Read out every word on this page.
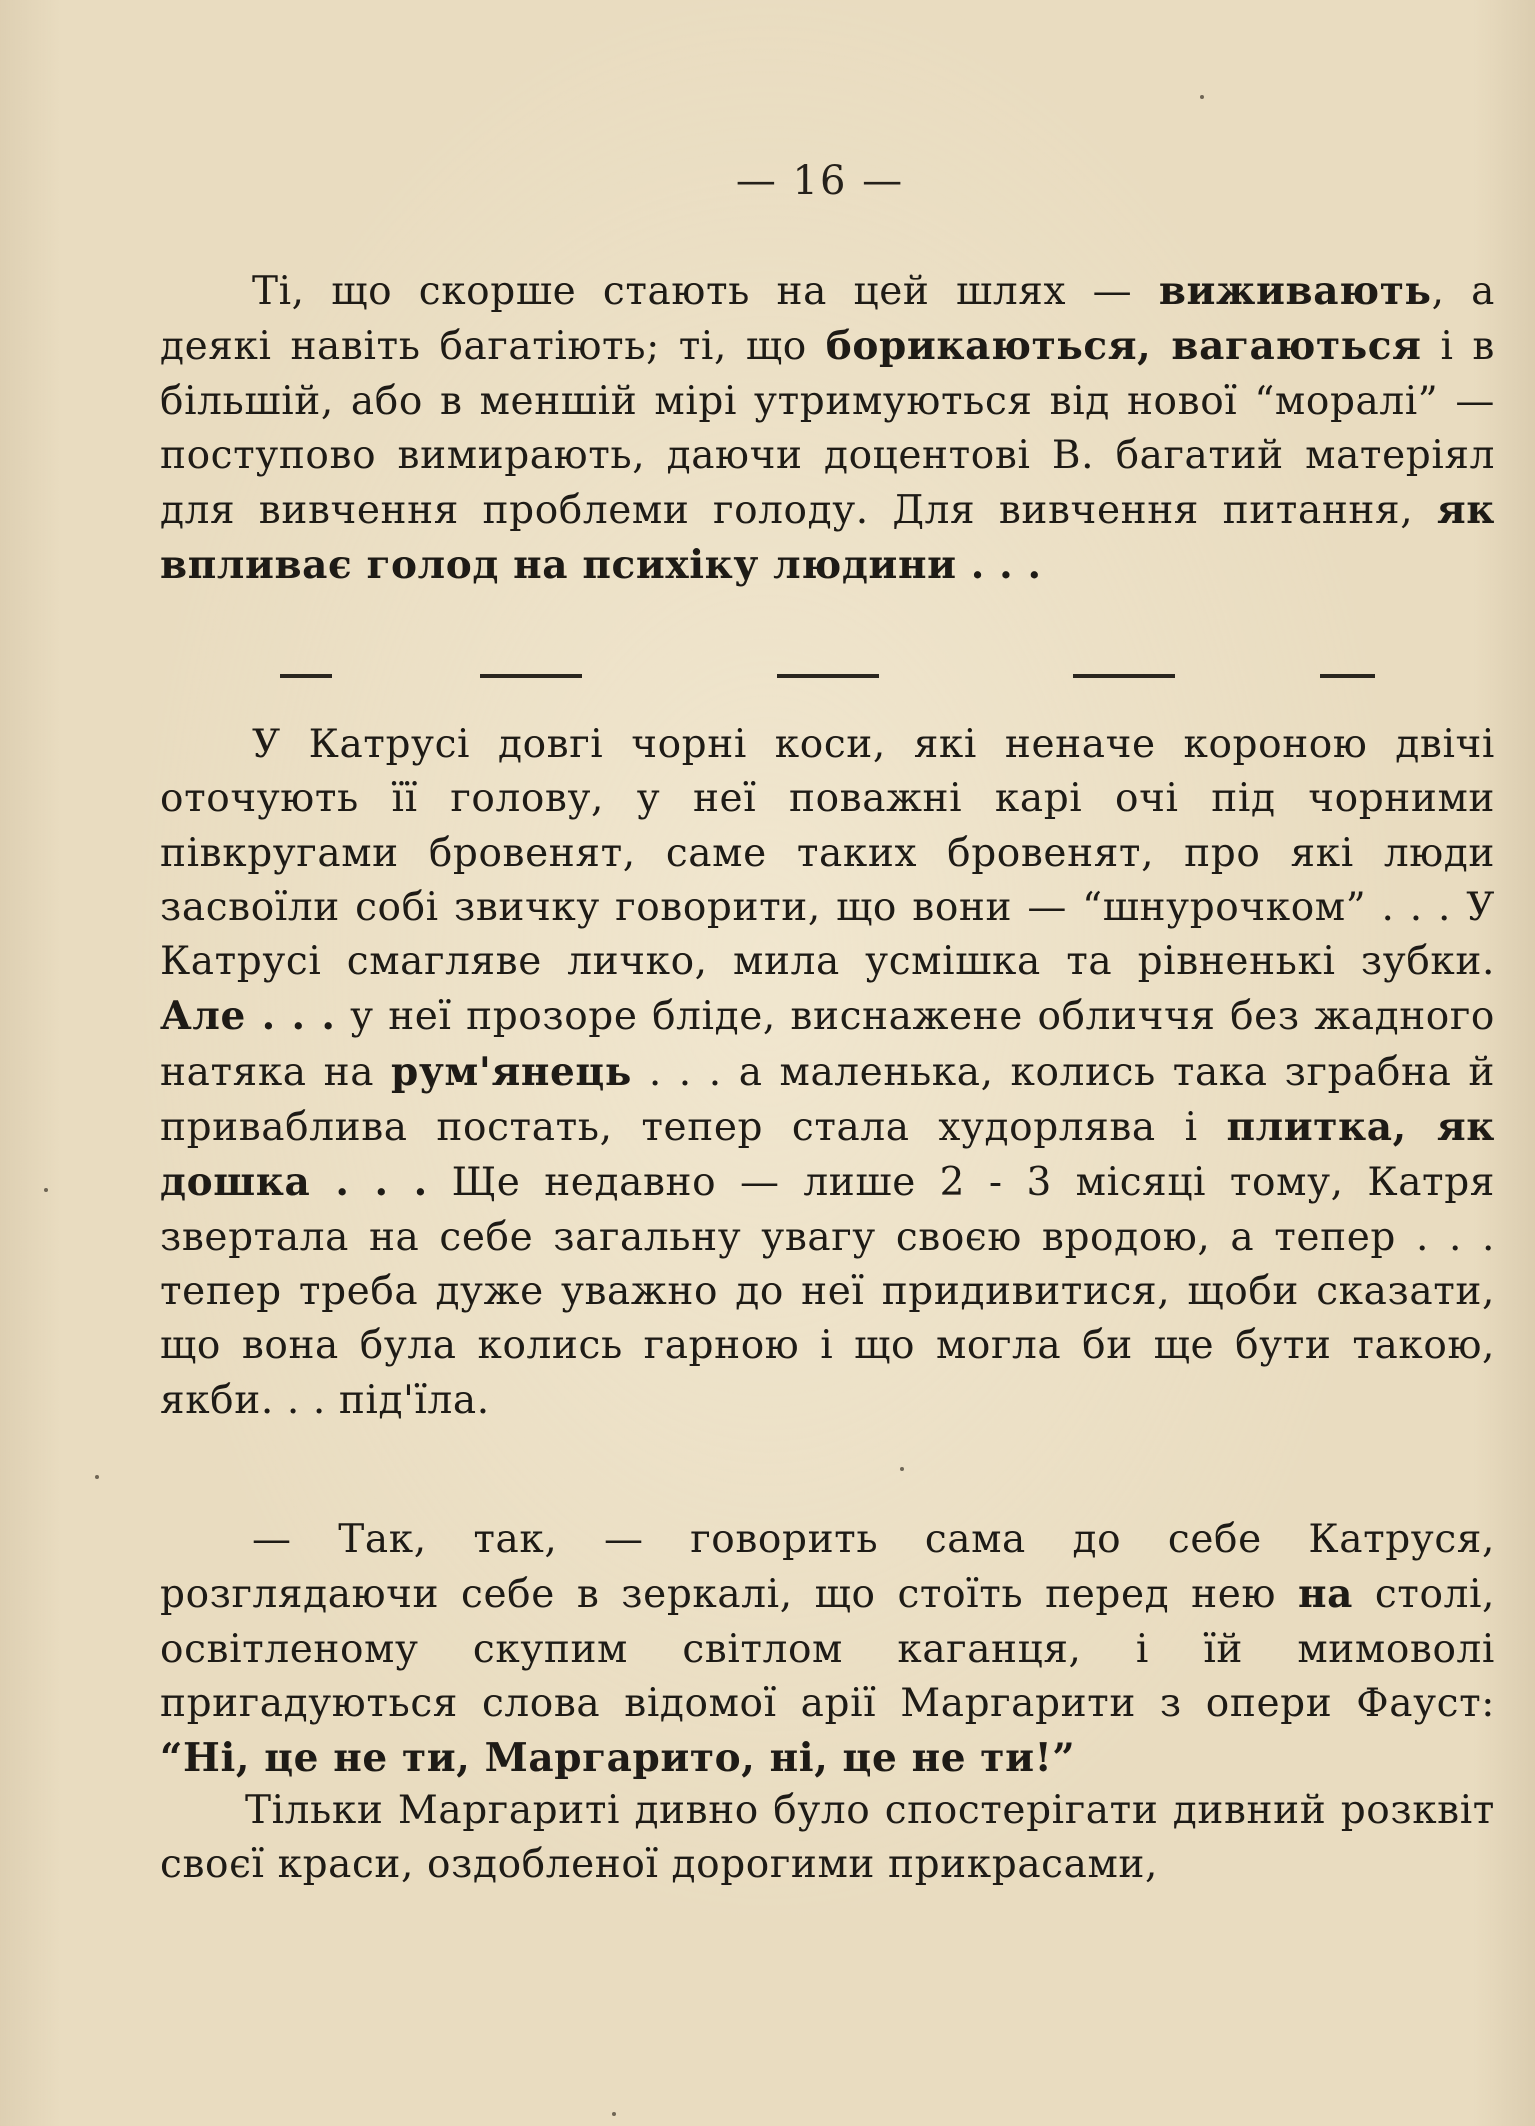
— 16 —

Ті, що скорше стають на цей шлях — виживають, а деякі навіть багатіють; ті, що борикаються, вагаються і в більшій, або в меншій мірі утримуються від нової “моралі” — поступово вимирають, даючи доцентові В. багатий матеріял для вивчення проблеми голоду. Для вивчення питання, як впливає голод на психіку людини . . .

У Катрусі довгі чорні коси, які неначе короною двічі оточують її голову, у неї поважні карі очі під чорними півкругами бровенят, саме таких бровенят, про які люди засвоїли собі звичку говорити, що вони — “шнурочком” . . . У Катрусі смагляве личко, мила усмішка та рівненькі зубки. Але . . . у неї прозоре бліде, виснажене обличчя без жадного натяка на рум'янець . . . а маленька, колись така зграбна й приваблива постать, тепер стала худорлява і плитка, як дошка . . . Ще недавно — лише 2 - 3 місяці тому, Катря звертала на себе загальну увагу своєю вродою, а тепер . . . тепер треба дуже уважно до неї придивитися, щоби сказати, що вона була колись гарною і що могла би ще бути такою, якби. . . під'їла.

— Так, так, — говорить сама до себе Катруся, розглядаючи себе в зеркалі, що стоїть перед нею на столі, освітленому скупим світлом каганця, і їй мимоволі пригадуються слова відомої арії Маргарити з опери Фауст: “Ні, це не ти, Маргарито, ні, це не ти!”

Тільки Маргариті дивно було спостерігати дивний розквіт своєї краси, оздобленої дорогими прикрасами,
